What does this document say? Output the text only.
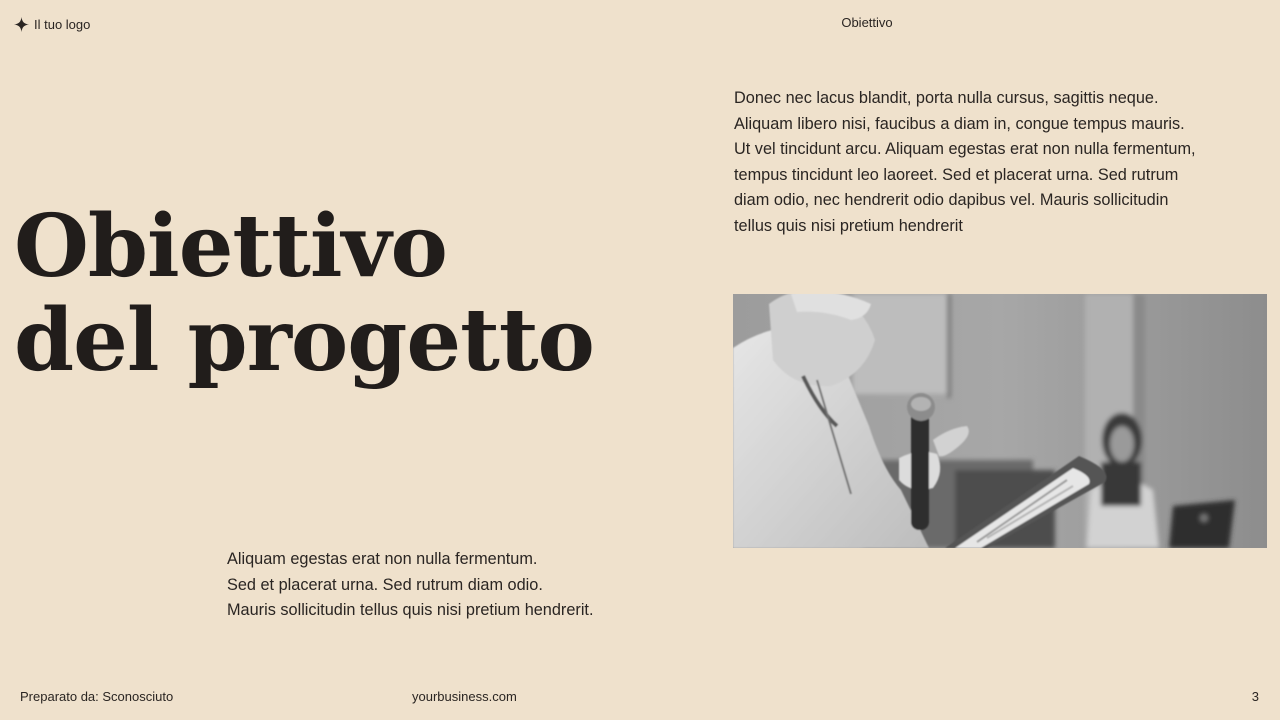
Il tuo logo	Obiettivo
Obiettivo
del progetto

Donec nec lacus blandit, porta nulla cursus, sagittis neque. Aliquam libero nisi, faucibus a diam in, congue tempus mauris. Ut vel tincidunt arcu. Aliquam egestas erat non nulla fermentum, tempus tincidunt leo laoreet. Sed et placerat urna. Sed rutrum diam odio, nec hendrerit odio dapibus vel. Mauris sollicitudin tellus quis nisi pretium hendrerit

Aliquam egestas erat non nulla fermentum.
Sed et placerat urna. Sed rutrum diam odio.
Mauris sollicitudin tellus quis nisi pretium hendrerit.
Preparato da: Sconosciuto	yourbusiness.com	3
